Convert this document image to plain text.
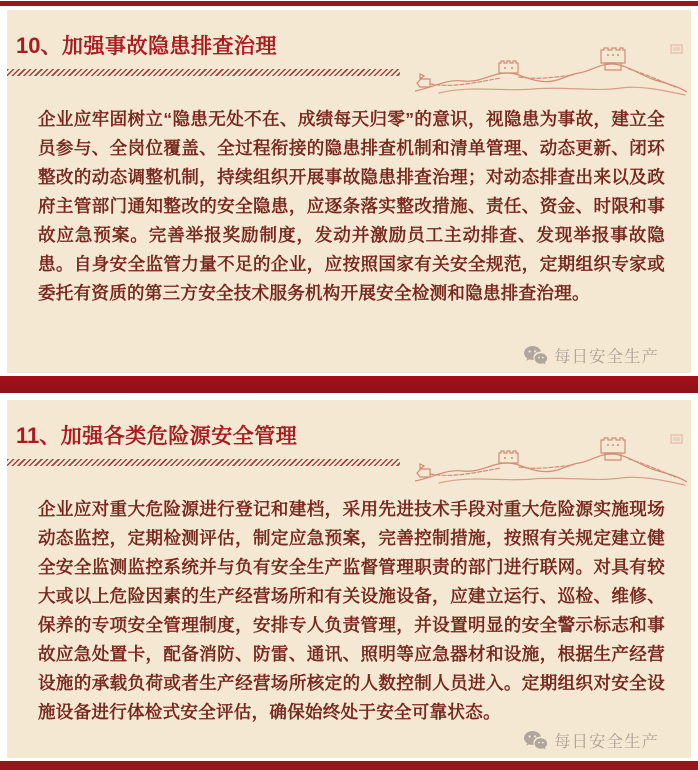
10、加强事故隐患排查治理

企业应牢固树立“隐患无处不在、成绩每天归零”的意识，视隐患为事故，建立全员参与、全岗位覆盖、全过程衔接的隐患排查机制和清单管理、动态更新、闭环整改的动态调整机制，持续组织开展事故隐患排查治理；对动态排查出来以及政府主管部门通知整改的安全隐患，应逐条落实整改措施、责任、资金、时限和事故应急预案。完善举报奖励制度，发动并激励员工主动排查、发现举报事故隐患。自身安全监管力量不足的企业，应按照国家有关安全规范，定期组织专家或委托有资质的第三方安全技术服务机构开展安全检测和隐患排查治理。

每日安全生产
11、加强各类危险源安全管理

企业应对重大危险源进行登记和建档，采用先进技术手段对重大危险源实施现场动态监控，定期检测评估，制定应急预案，完善控制措施，按照有关规定建立健全安全监测监控系统并与负有安全生产监督管理职责的部门进行联网。对具有较大或以上危险因素的生产经营场所和有关设施设备，应建立运行、巡检、维修、保养的专项安全管理制度，安排专人负责管理，并设置明显的安全警示标志和事故应急处置卡，配备消防、防雷、通讯、照明等应急器材和设施，根据生产经营设施的承载负荷或者生产经营场所核定的人数控制人员进入。定期组织对安全设施设备进行体检式安全评估，确保始终处于安全可靠状态。

每日安全生产
